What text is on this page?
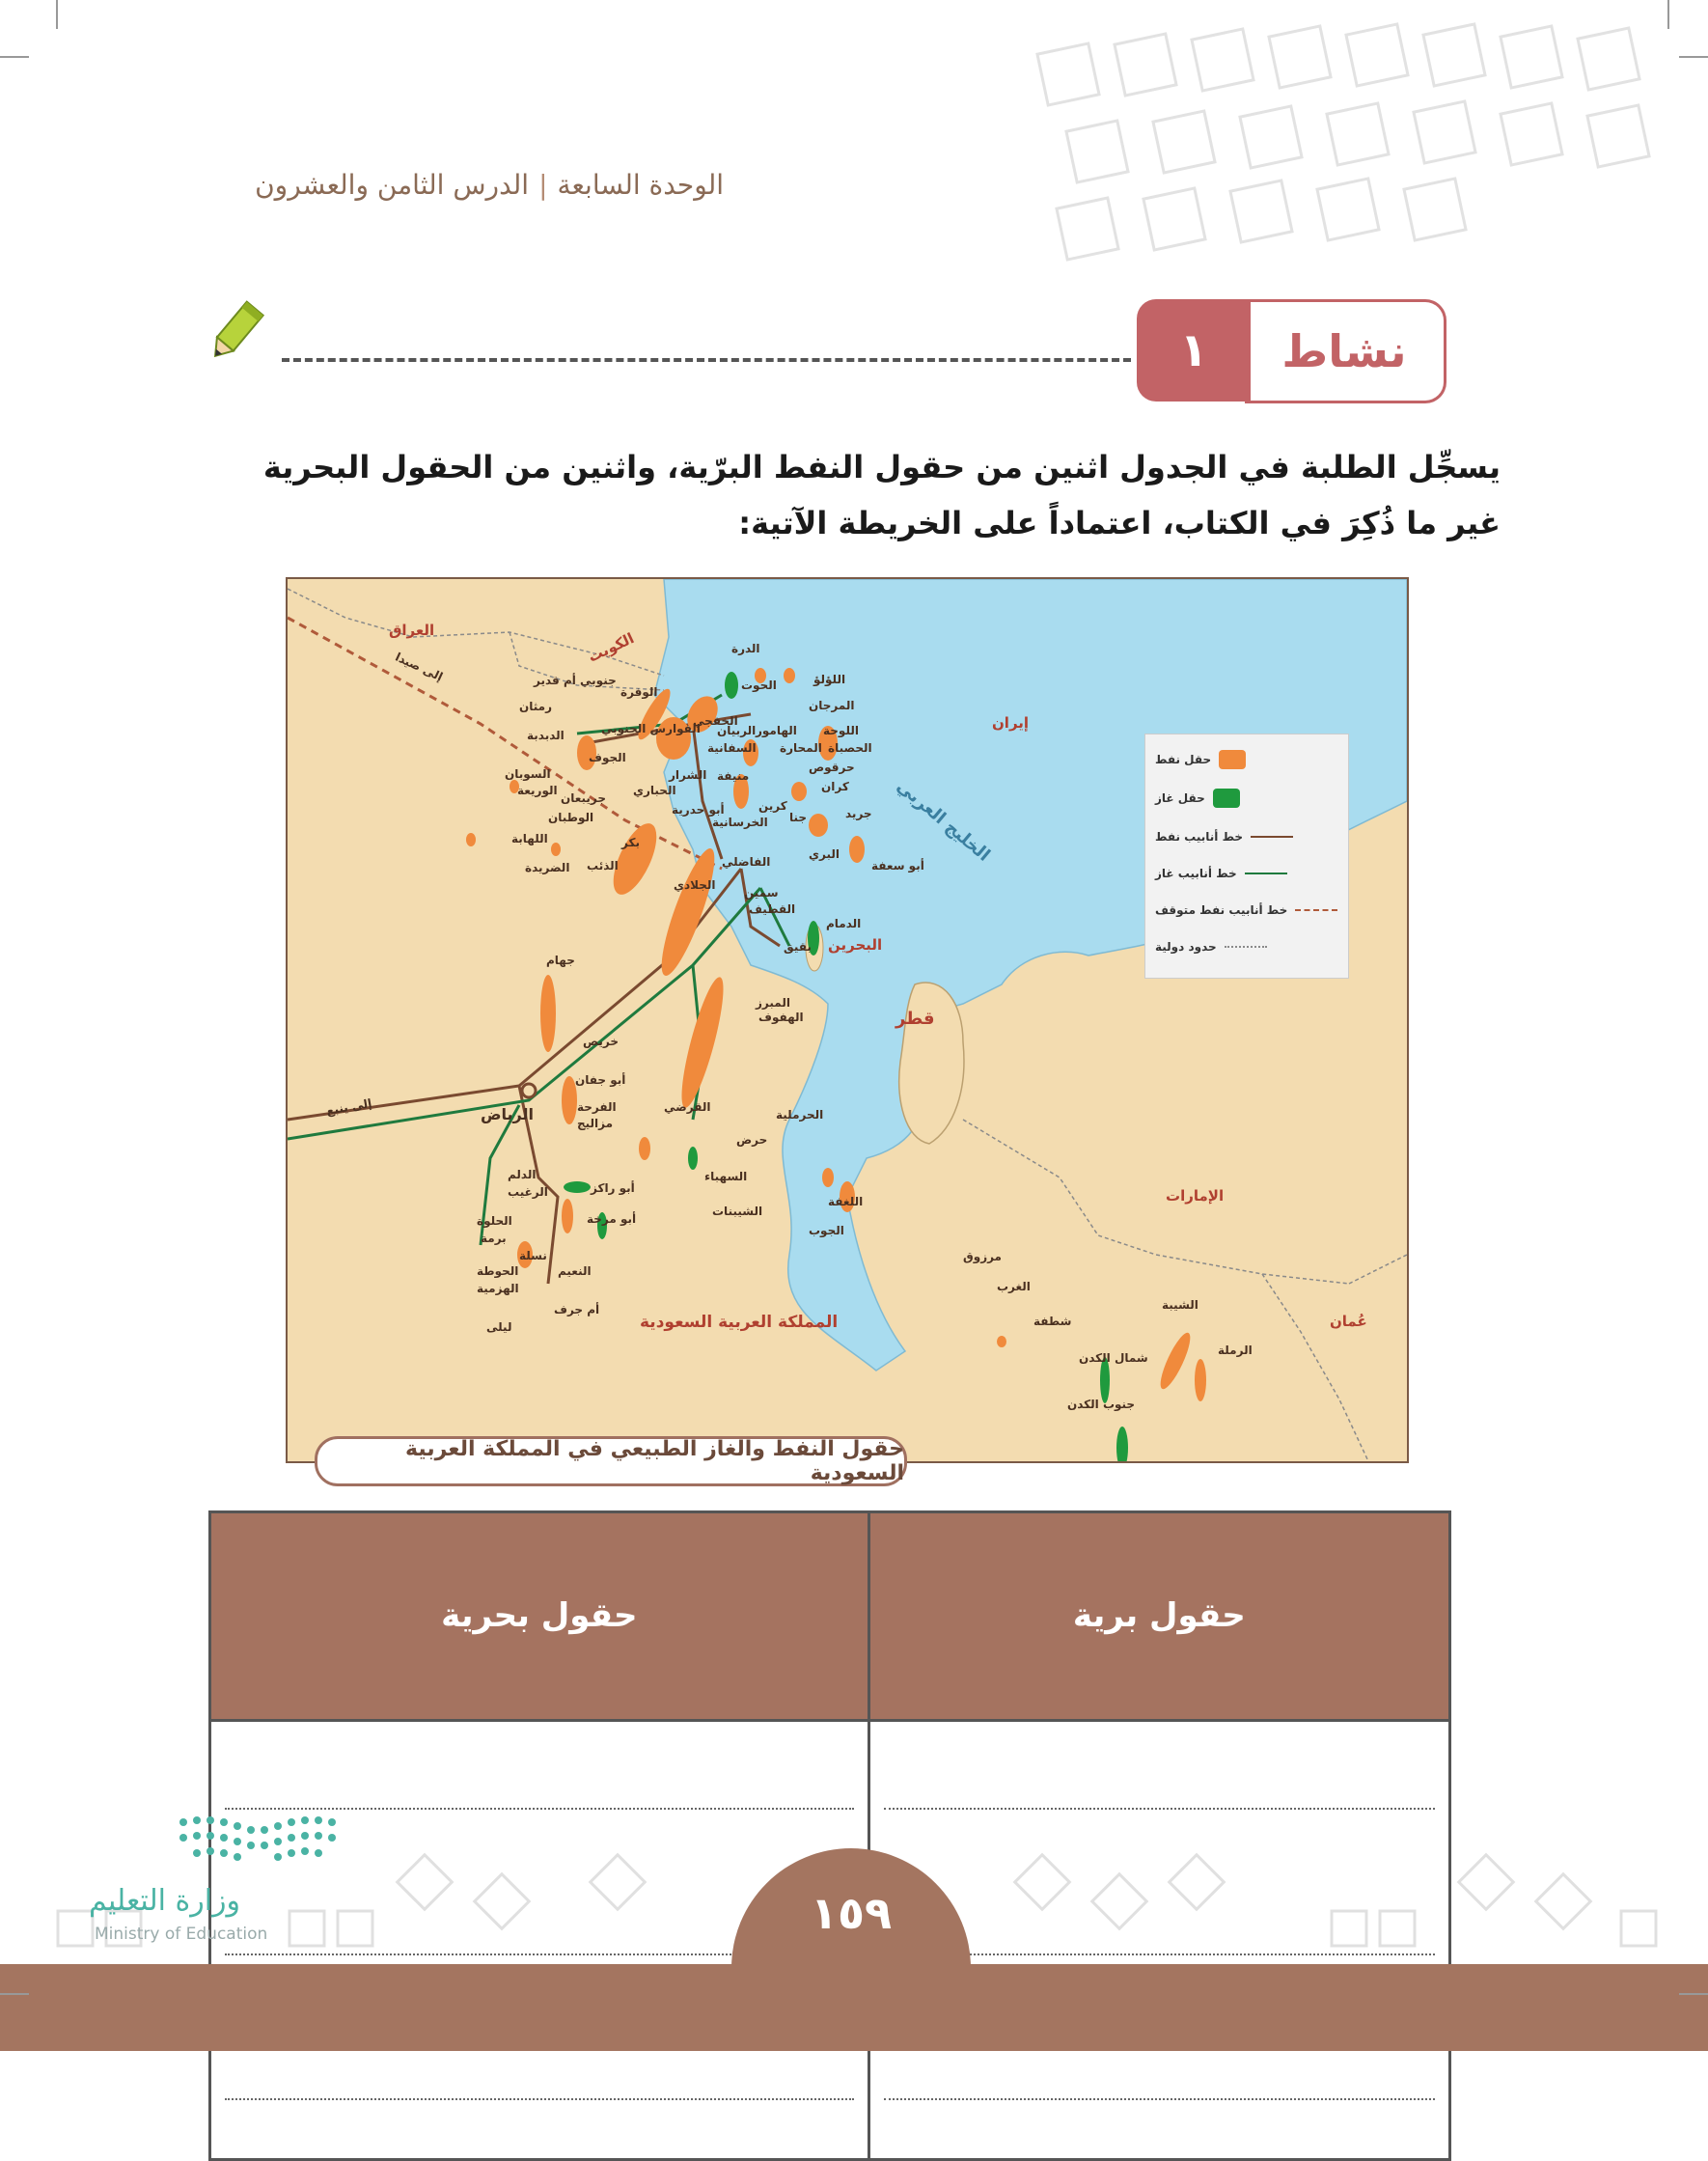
الوحدة السابعة|الدرس الثامن والعشرون
نشاط
١
يسجِّل الطلبة في الجدول اثنين من حقول النفط البرّية، واثنين من الحقول البحرية غير ما ذُكِرَ في الكتاب، اعتماداً على الخريطة الآتية:
حقل نفط
حقل غاز
خط أنابيب نفط
خط أنابيب غاز
خط أنابيب نفط متوقف
حدود دولية
العراق	الكويت
إيران
الخليج العربي
البحرين
قطر
الإمارات
عُمان
المملكة العربية السعودية
الرياض
إلى ينبع
إلى صيدا
الدرة
اللؤلؤ
الحوت
المرجان
الخفجي
اللوحة
الحصباة
الوفرة
جنوبي أم قدير
رمثان
الفوارس الجنوبي
الدبدبة	الهامور
الربيان
السفانية المحارة
حرقوص
الجوف
منيفة
الشرار
السوبان
كران
الوريعة
جريبعان
الحباري
الوطبان
أبو حدرية
الخرسانية
كرين
جنا	جريد
اللهابة	بكر
البري
الفاضلي
الضريدة الذئب	أبو سعفة
الجلادي
سمين
القطيف
الدمام
بقيق
جهام
المبرز
الهفوف
خريص
أبو جفان
الفرحة
مزاليج
القرضي
الحرملية
حرض
الدلم
الرغيب	أبو راكز
السهباء
الحلوة	أبو مرخة
الشيبنات
اللغفة
الجوب
برمة
نسلة
الحوطة	النعيم
الهزمية
مرزوق
الغرب
أم جرف
ليلى
الشيبة
شطفة
الرملة
شمال الكدن
جنوب الكدن
حقول النفط والغاز الطبيعي في المملكة العربية السعودية
حقول برية	حقول بحرية

وزارة التعليم
Ministry of Education	١٥٩
